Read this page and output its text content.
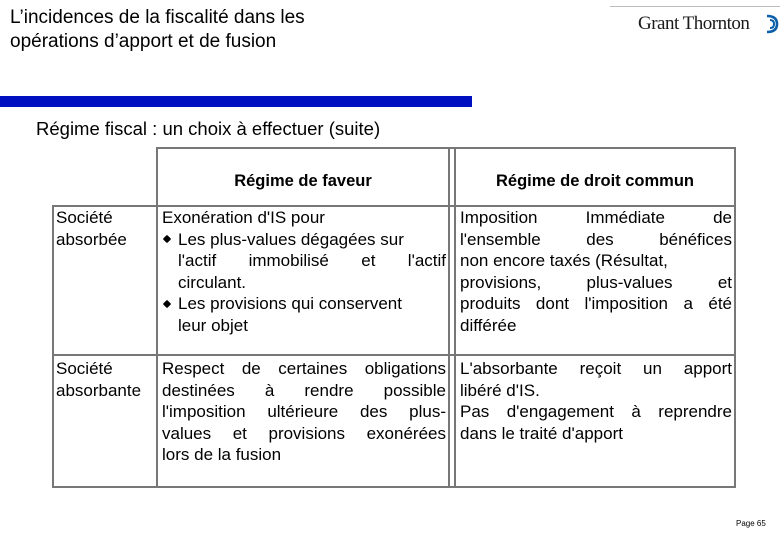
L’incidences de la fiscalité dans les
opérations d’apport et de fusion
Grant Thornton
Régime fiscal : un choix à effectuer (suite)
Régime de faveur	Régime de droit commun
Société
absorbée
Exonération d'IS pour
Les plus-values dégagées sur
l'actif immobilisé et l'actif
circulant.
Les provisions qui conservent
leur objet
Imposition Immédiate de
l'ensemble des bénéfices
non encore taxés (Résultat,
provisions, plus-values et
produits dont l'imposition a été
différée
Société
absorbante
Respect de certaines obligations
destinées à rendre possible
l'imposition ultérieure des plus-
values et provisions exonérées
lors de la fusion
L'absorbante reçoit un apport
libéré d'IS.
Pas d'engagement à reprendre
dans le traité d'apport
Page 65
